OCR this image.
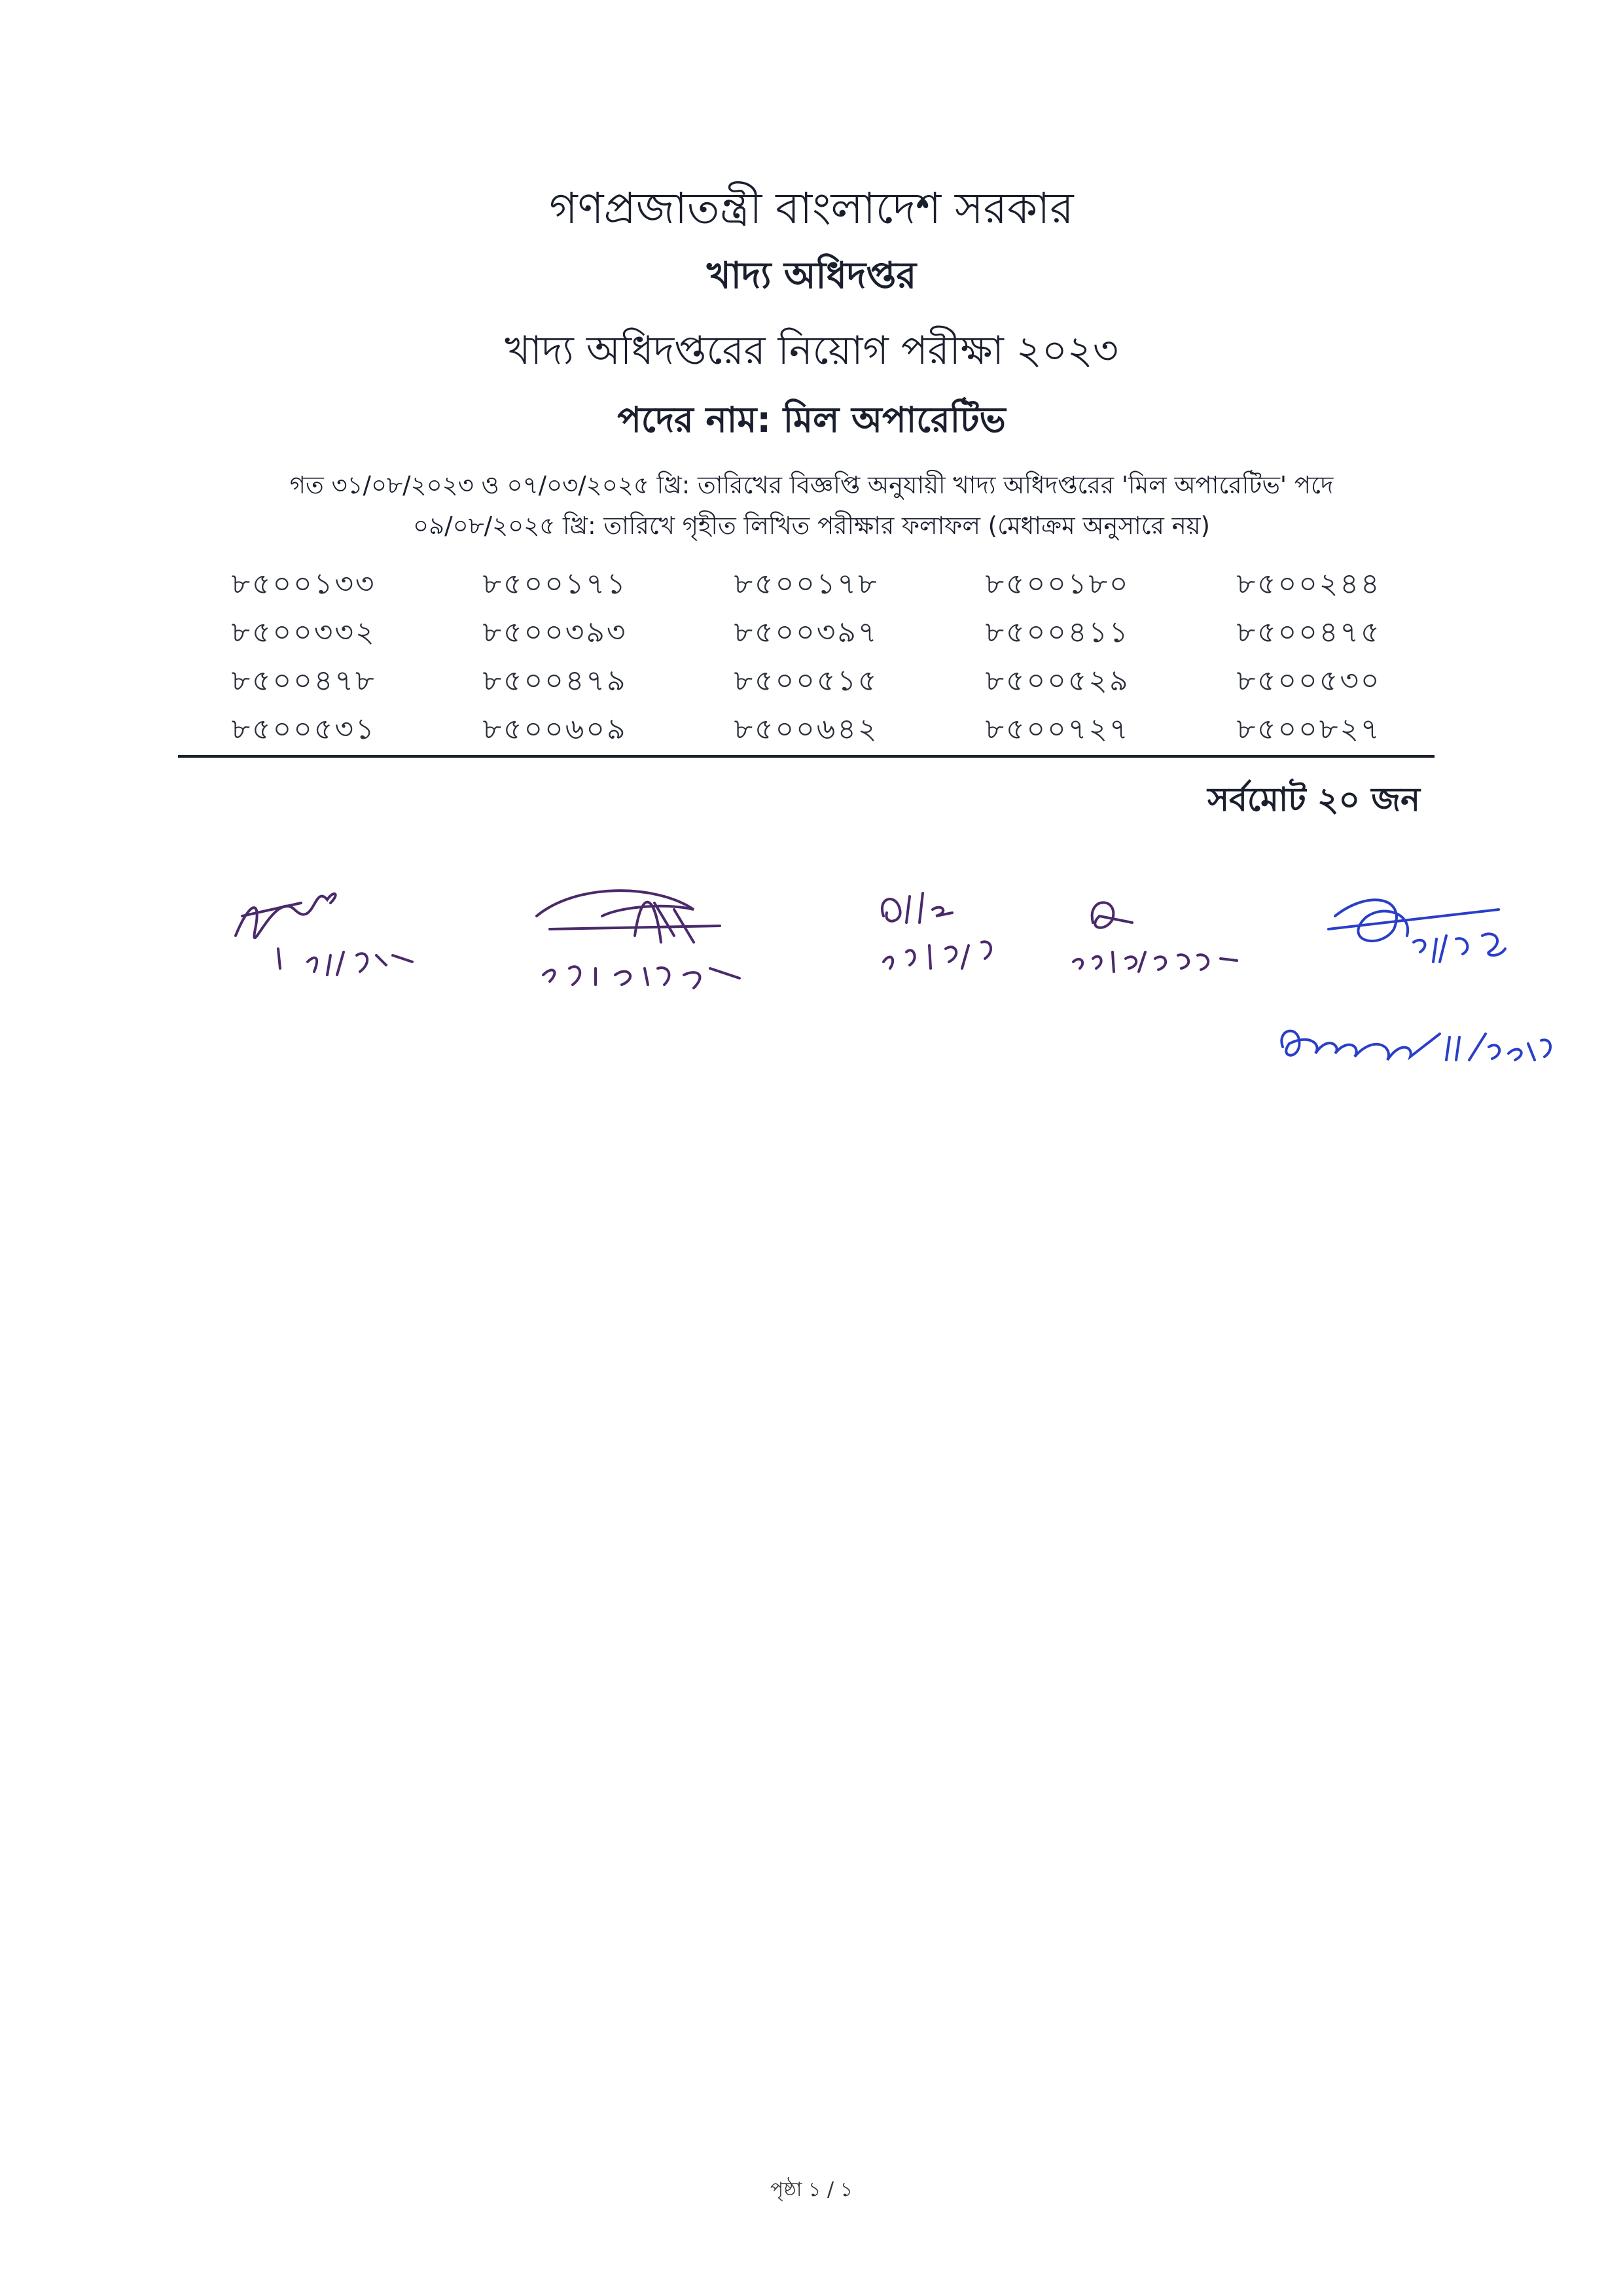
গণপ্রজাতন্ত্রী বাংলাদেশ সরকার
খাদ্য অধিদপ্তর
খাদ্য অধিদপ্তরের নিয়োগ পরীক্ষা ২০২৩
পদের নাম: মিল অপারেটিভ
গত ৩১/০৮/২০২৩ ও ০৭/০৩/২০২৫ খ্রি: তারিখের বিজ্ঞপ্তি অনুযায়ী খাদ্য অধিদপ্তরের 'মিল অপারেটিভ' পদে
০৯/০৮/২০২৫ খ্রি: তারিখে গৃহীত লিখিত পরীক্ষার ফলাফল (মেধাক্রম অনুসারে নয়)
৮৫০০১৩৩	৮৫০০১৭১	৮৫০০১৭৮	৮৫০০১৮০	৮৫০০২৪৪
৮৫০০৩৩২	৮৫০০৩৯৩	৮৫০০৩৯৭	৮৫০০৪১১	৮৫০০৪৭৫
৮৫০০৪৭৮	৮৫০০৪৭৯	৮৫০০৫১৫	৮৫০০৫২৯	৮৫০০৫৩০
৮৫০০৫৩১	৮৫০০৬০৯	৮৫০০৬৪২	৮৫০০৭২৭	৮৫০০৮২৭
সর্বমোট ২০ জন
পৃষ্ঠা ১ / ১
